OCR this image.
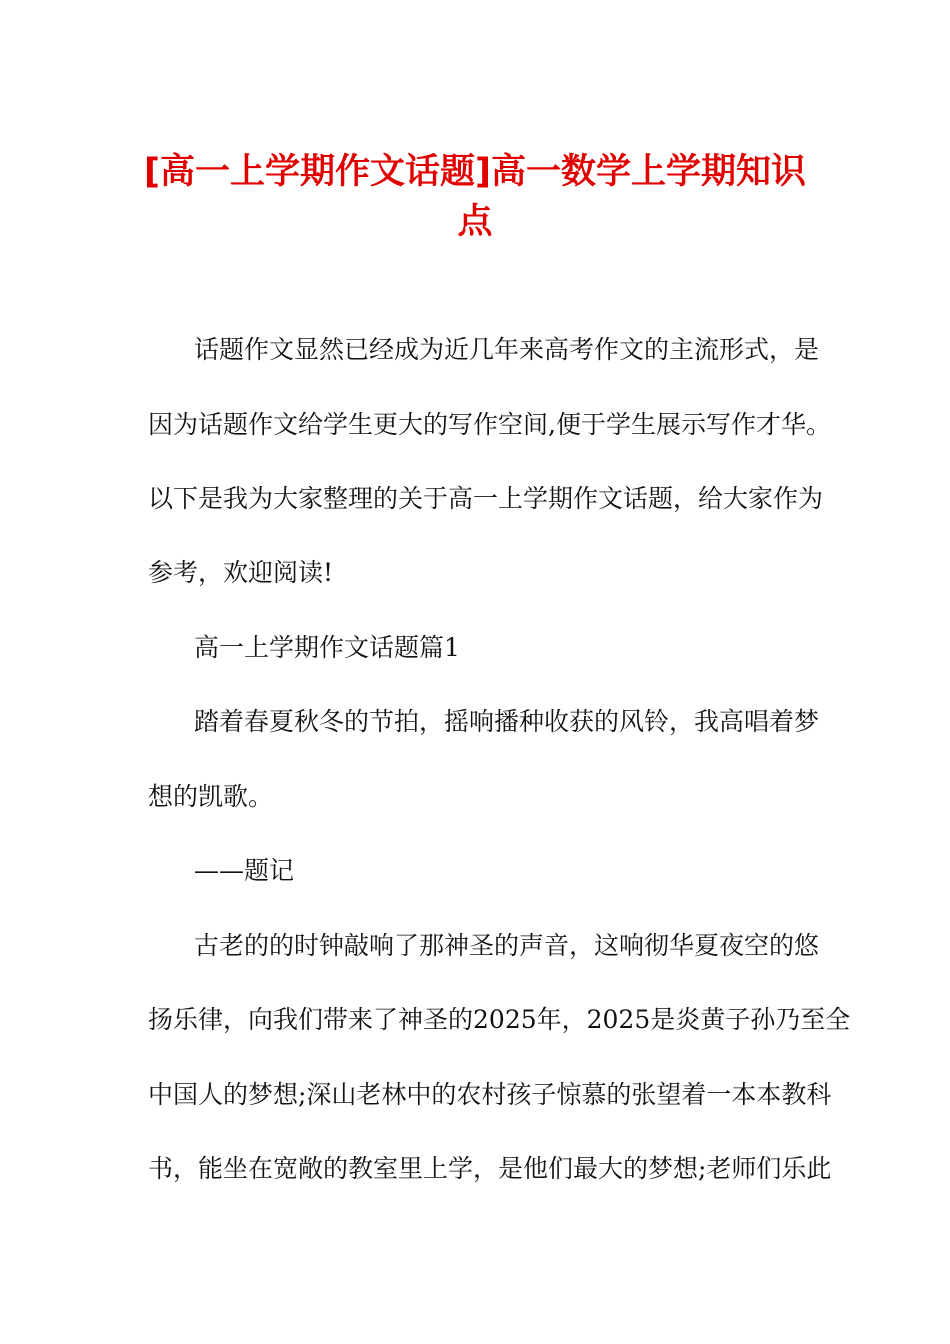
[高一上学期作文话题]高一数学上学期知识
点

话题作文显然已经成为近几年来高考作文的主流形式，是

因为话题作文给学生更大的写作空间,便于学生展示写作才华。

以下是我为大家整理的关于高一上学期作文话题，给大家作为

参考，欢迎阅读!

高一上学期作文话题篇1

踏着春夏秋冬的节拍，摇响播种收获的风铃，我高唱着梦

想的凯歌。

——题记

古老的的时钟敲响了那神圣的声音，这响彻华夏夜空的悠

扬乐律，向我们带来了神圣的2025年，2025是炎黄子孙乃至全

中国人的梦想;深山老林中的农村孩子惊慕的张望着一本本教科

书，能坐在宽敞的教室里上学，是他们最大的梦想;老师们乐此
